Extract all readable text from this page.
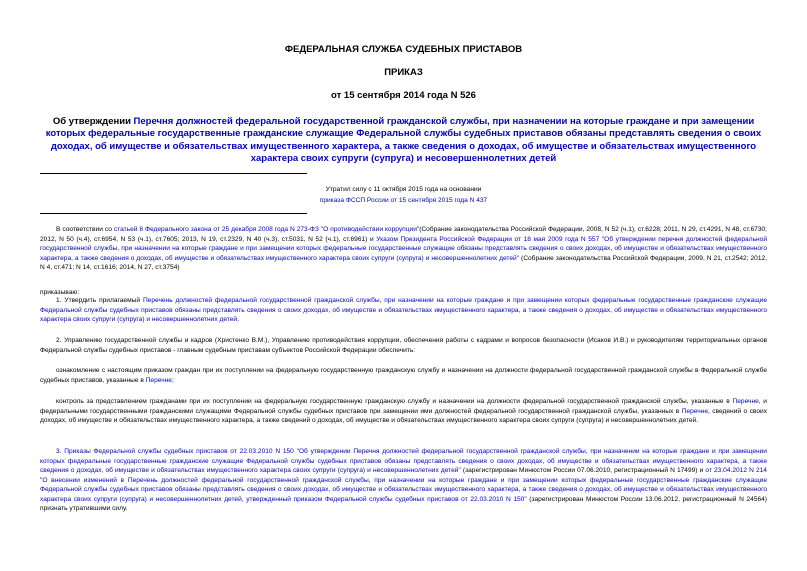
ФЕДЕРАЛЬНАЯ СЛУЖБА СУДЕБНЫХ ПРИСТАВОВ
ПРИКАЗ
от 15 сентября 2014 года N 526
Об утверждении Перечня должностей федеральной государственной гражданской службы, при назначении на которые граждане и при замещении которых федеральные государственные гражданские служащие Федеральной службы судебных приставов обязаны представлять сведения о своих доходах, об имуществе и обязательствах имущественного характера, а также сведения о доходах, об имуществе и обязательствах имущественного характера своих супруги (супруга) и несовершеннолетних детей
Утратил силу с 11 октября 2015 года на основании
приказа ФССП России от 15 сентября 2015 года N 437
В соответствии со статьей 8 Федерального закона от 25 декабря 2008 года N 273-ФЗ "О противодействии коррупции"(Собрание законодательства Российской Федерации, 2008, N 52 (ч.1), ст.6228; 2011, N 29, ст.4291, N 48, ст.6730; 2012, N 50 (ч.4), ст.6954, N 53 (ч.1), ст.7605; 2013, N 19, ст.2329, N 40 (ч.3), ст.5031, N 52 (ч.1), ст.6961) и Указом Президента Российской Федерации от 18 мая 2009 года N 557 "Об утверждении перечня должностей федеральной государственной службы, при назначении на которые граждане и при замещении которых федеральные государственные служащие обязаны представлять сведения о своих доходах, об имуществе и обязательствах имущественного характера, а также сведения о доходах, об имуществе и обязательствах имущественного характера своих супруги (супруга) и несовершеннолетних детей" (Собрание законодательства Российской Федерации, 2009, N 21, ст.2542; 2012, N 4, ст.471; N 14, ст.1616; 2014, N 27, ст.3754)
приказываю:
1. Утвердить прилагаемый Перечень должностей федеральной государственной гражданской службы, при назначении на которые граждане и при замещении которых федеральные государственные гражданские служащие Федеральной службы судебных приставов обязаны представлять сведения о своих доходах, об имуществе и обязательствах имущественного характера, а также сведения о доходах, об имуществе и обязательствах имущественного характера своих супруги (супруга) и несовершеннолетних детей.
2. Управлению государственной службы и кадров (Христенко В.М.), Управлению противодействия коррупции, обеспечения работы с кадрами и вопросов безопасности (Исаков И.В.) и руководителям территориальных органов Федеральной службы судебных приставов - главным судебным приставам субъектов Российской Федерации обеспечить:
ознакомление с настоящим приказом граждан при их поступлении на федеральную государственную гражданскую службу и назначении на должности федеральной государственной гражданской службы в Федеральной службе судебных приставов, указанные в Перечне;
контроль за представлением гражданами при их поступлении на федеральную государственную гражданскую службу и назначении на должности федеральной государственной гражданской службы, указанные в Перечне, и федеральными государственными гражданскими служащими Федеральной службы судебных приставов при замещении ими должностей федеральной государственной гражданской службы, указанных в Перечне, сведений о своих доходах, об имуществе и обязательствах имущественного характера, а также сведений о доходах, об имуществе и обязательствах имущественного характера своих супруги (супруга) и несовершеннолетних детей.
3. Приказы Федеральной службы судебных приставов от 22.03.2010 N 150 "Об утверждении Перечня должностей федеральной государственной гражданской службы, при назначении на которые граждане и при замещении которых федеральные государственные гражданские служащие Федеральной службы судебных приставов обязаны представлять сведения о своих доходах, об имуществе и обязательствах имущественного характера, а также сведения о доходах, об имуществе и обязательствах имущественного характера своих супруги (супруга) и несовершеннолетних детей" (зарегистрирован Минюстом России 07.06.2010, регистрационный N 17499) и от 23.04.2012 N 214 "О внесении изменений в Перечень должностей федеральной государственной гражданской службы, при назначении на которые граждане и при замещении которых федеральные государственные гражданские служащие Федеральной службы судебных приставов обязаны представлять сведения о своих доходах, об имуществе и обязательствах имущественного характера, а также сведения о доходах, об имуществе и обязательствах имущественного характера своих супруги (супруга) и несовершеннолетних детей, утвержденный приказом Федеральной службы судебных приставов от 22.03.2010 N 150" (зарегистрирован Минюстом России 13.06.2012, регистрационный N 24564) признать утратившими силу.
